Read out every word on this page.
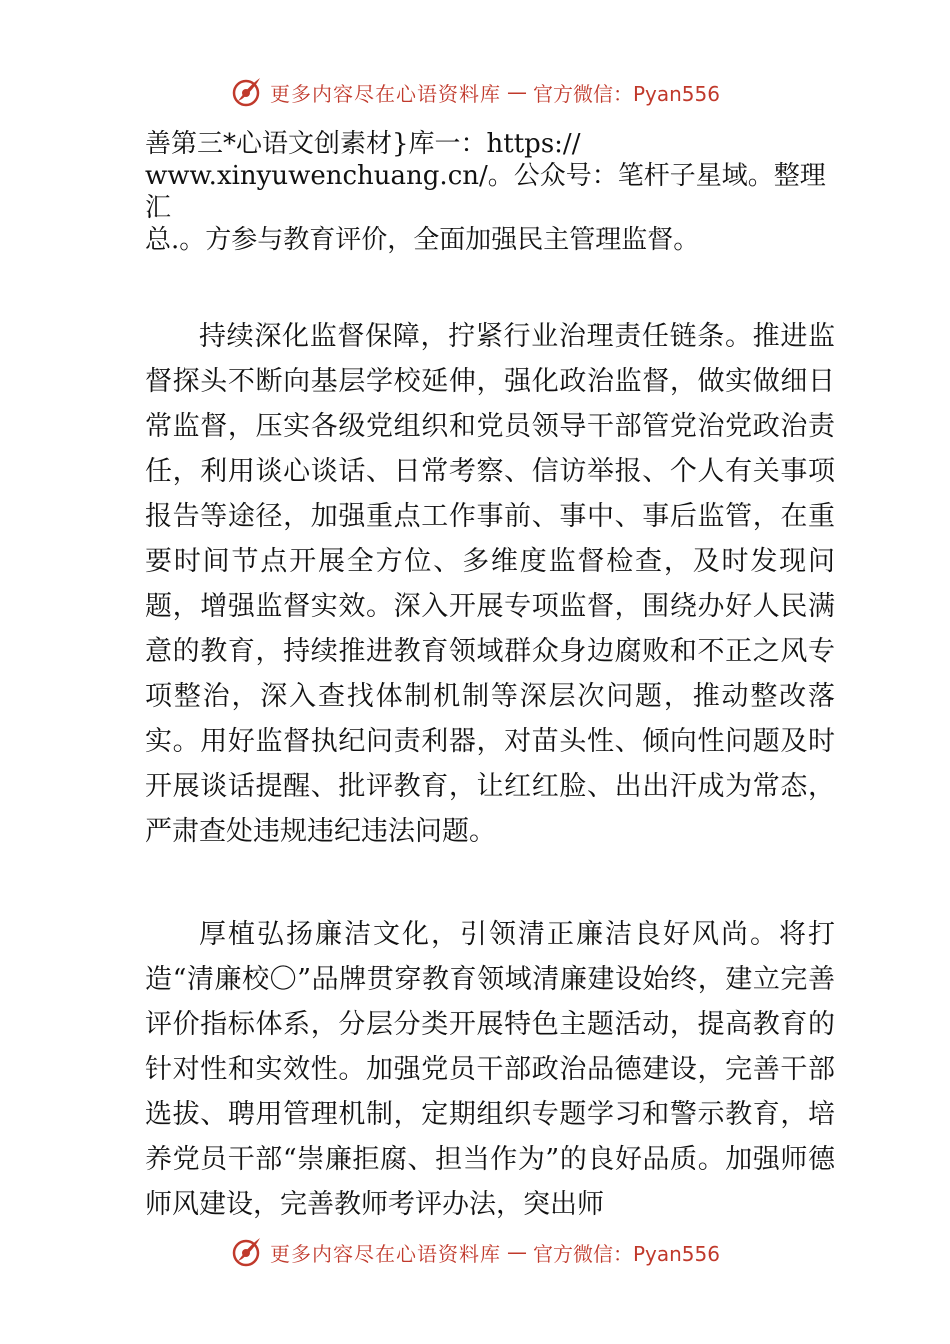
更多内容尽在心语资料库 — 官方微信：Pyan556

善第三*心语文创素材}库一：https://

www.xinyuwenchuang.cn/。公众号：笔杆子星域。整理汇

总.。方参与教育评价，全面加强民主管理监督。

持续深化监督保障，拧紧行业治理责任链条。推进监督探头不断向基层学校延伸，强化政治监督，做实做细日常监督，压实各级党组织和党员领导干部管党治党政治责任，利用谈心谈话、日常考察、信访举报、个人有关事项报告等途径，加强重点工作事前、事中、事后监管，在重要时间节点开展全方位、多维度监督检查，及时发现问题，增强监督实效。深入开展专项监督，围绕办好人民满意的教育，持续推进教育领域群众身边腐败和不正之风专项整治，深入查找体制机制等深层次问题，推动整改落实。用好监督执纪问责利器，对苗头性、倾向性问题及时开展谈话提醒、批评教育，让红红脸、出出汗成为常态，严肃查处违规违纪违法问题。

厚植弘扬廉洁文化，引领清正廉洁良好风尚。将打造“清廉校〇”品牌贯穿教育领域清廉建设始终，建立完善评价指标体系，分层分类开展特色主题活动，提高教育的针对性和实效性。加强党员干部政治品德建设，完善干部选拔、聘用管理机制，定期组织专题学习和警示教育，培养党员干部“崇廉拒腐、担当作为”的良好品质。加强师德师风建设，完善教师考评办法，突出师

更多内容尽在心语资料库 — 官方微信：Pyan556
